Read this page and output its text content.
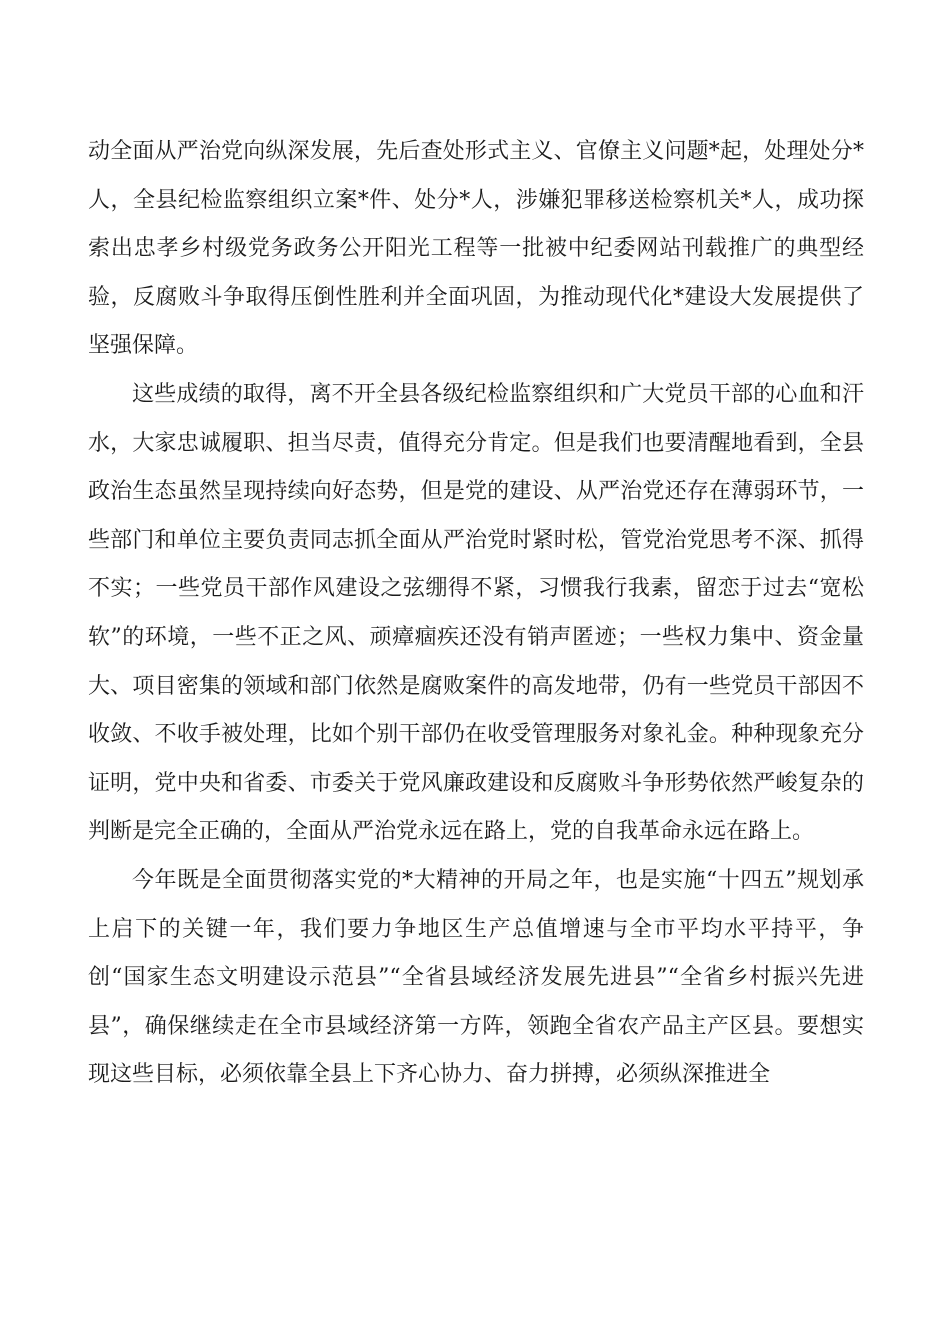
动全面从严治党向纵深发展，先后查处形式主义、官僚主义问题*起，处理处分*人，全县纪检监察组织立案*件、处分*人，涉嫌犯罪移送检察机关*人，成功探索出忠孝乡村级党务政务公开阳光工程等一批被中纪委网站刊载推广的典型经验，反腐败斗争取得压倒性胜利并全面巩固，为推动现代化*建设大发展提供了坚强保障。

这些成绩的取得，离不开全县各级纪检监察组织和广大党员干部的心血和汗水，大家忠诚履职、担当尽责，值得充分肯定。但是我们也要清醒地看到，全县政治生态虽然呈现持续向好态势，但是党的建设、从严治党还存在薄弱环节，一些部门和单位主要负责同志抓全面从严治党时紧时松，管党治党思考不深、抓得不实；一些党员干部作风建设之弦绷得不紧，习惯我行我素，留恋于过去“宽松软”的环境，一些不正之风、顽瘴痼疾还没有销声匿迹；一些权力集中、资金量大、项目密集的领域和部门依然是腐败案件的高发地带，仍有一些党员干部因不收敛、不收手被处理，比如个别干部仍在收受管理服务对象礼金。种种现象充分证明，党中央和省委、市委关于党风廉政建设和反腐败斗争形势依然严峻复杂的判断是完全正确的，全面从严治党永远在路上，党的自我革命永远在路上。

今年既是全面贯彻落实党的*大精神的开局之年，也是实施“十四五”规划承上启下的关键一年，我们要力争地区生产总值增速与全市平均水平持平，争创“国家生态文明建设示范县”“全省县域经济发展先进县”“全省乡村振兴先进县”，确保继续走在全市县域经济第一方阵，领跑全省农产品主产区县。要想实现这些目标，必须依靠全县上下齐心协力、奋力拼搏，必须纵深推进全
